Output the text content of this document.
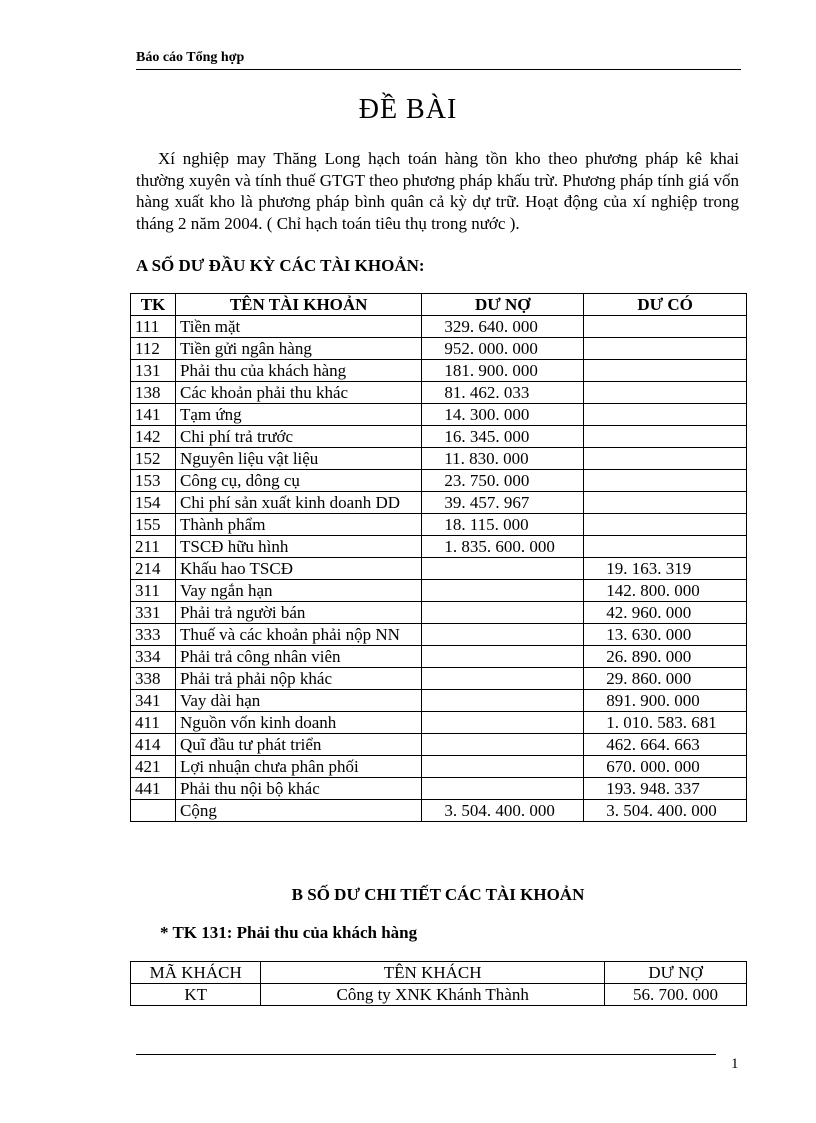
Báo cáo Tổng hợp
ĐỀ BÀI

Xí nghiệp may Thăng Long hạch toán hàng tồn kho theo phương pháp kê khai thường xuyên và tính thuế GTGT theo phương pháp khấu trừ. Phương pháp tính giá vốn hàng xuất kho là phương pháp bình quân cả kỳ dự trữ. Hoạt động của xí nghiệp trong tháng 2 năm 2004. ( Chỉ hạch toán tiêu thụ trong nước ).

A SỐ DƯ ĐẦU KỲ CÁC TÀI KHOẢN:
TK	TÊN TÀI KHOẢN	DƯ NỢ	DƯ CÓ
111	Tiền mặt	329. 640. 000	
112	Tiền gửi ngân hàng	952. 000. 000	
131	Phải thu của khách hàng	181. 900. 000	
138	Các khoản phải thu khác	81. 462. 033	
141	Tạm ứng	14. 300. 000	
142	Chi phí trả trước	16. 345. 000	
152	Nguyên liệu vật liệu	11. 830. 000	
153	Công cụ, dông cụ	23. 750. 000	
154	Chi phí sản xuất kinh doanh DD	39. 457. 967	
155	Thành phẩm	18. 115. 000	
211	TSCĐ hữu hình	1. 835. 600. 000	
214	Khấu hao TSCĐ		19. 163. 319
311	Vay ngắn hạn		142. 800. 000
331	Phải trả người bán		42. 960. 000
333	Thuế và các khoản phải nộp NN		13. 630. 000
334	Phải trả công nhân viên		26. 890. 000
338	Phải trả phải nộp khác		29. 860. 000
341	Vay dài hạn		891. 900. 000
411	Nguồn vốn kinh doanh		1. 010. 583. 681
414	Quĩ đầu tư phát triển		462. 664. 663
421	Lợi nhuận chưa phân phối		670. 000. 000
441	Phải thu nội bộ khác		193. 948. 337
	Cộng	3. 504. 400. 000	3. 504. 400. 000
B SỐ DƯ CHI TIẾT CÁC TÀI KHOẢN
* TK 131: Phải thu của khách hàng
MÃ KHÁCH	TÊN KHÁCH	DƯ NỢ
KT	Công ty XNK Khánh Thành	56. 700. 000
1
